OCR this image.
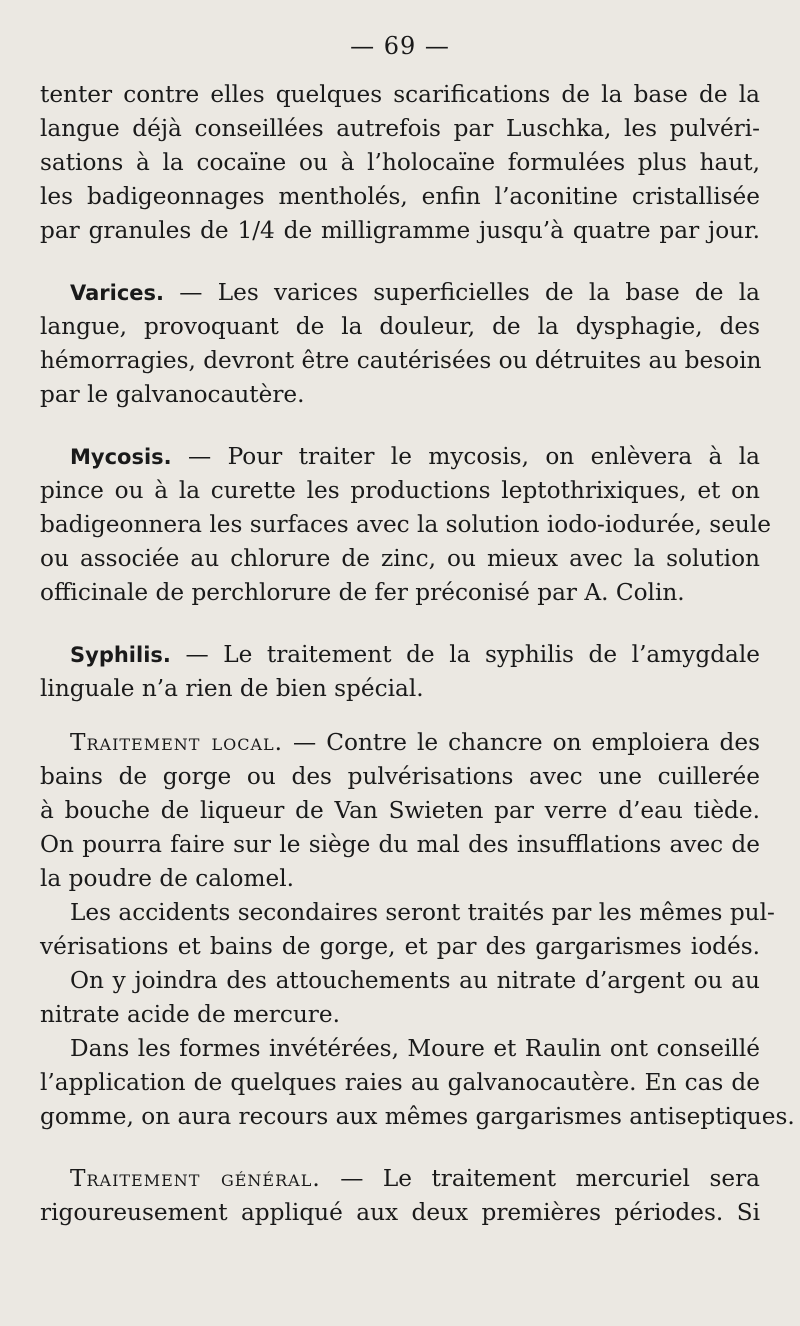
— 69 —
tenter contre elles quelques scarifications de la base de la
langue déjà conseillées autrefois par Luschka, les pulvéri-
sations à la cocaïne ou à l’holocaïne formulées plus haut,
les badigeonnages mentholés, enfin l’aconitine cristallisée
par granules de 1/4 de milligramme jusqu’à quatre par jour.
Varices. — Les varices superficielles de la base de la
langue, provoquant de la douleur, de la dysphagie, des
hémorragies, devront être cautérisées ou détruites au besoin
par le galvanocautère.
Mycosis. — Pour traiter le mycosis, on enlèvera à la
pince ou à la curette les productions leptothrixiques, et on
badigeonnera les surfaces avec la solution iodo-iodurée, seule
ou associée au chlorure de zinc, ou mieux avec la solution
officinale de perchlorure de fer préconisé par A. Colin.
Syphilis. — Le traitement de la syphilis de l’amygdale
linguale n’a rien de bien spécial.
Traitement local. — Contre le chancre on emploiera des
bains de gorge ou des pulvérisations avec une cuillerée
à bouche de liqueur de Van Swieten par verre d’eau tiède.
On pourra faire sur le siège du mal des insufflations avec de
la poudre de calomel.
Les accidents secondaires seront traités par les mêmes pul-
vérisations et bains de gorge, et par des gargarismes iodés.
On y joindra des attouchements au nitrate d’argent ou au
nitrate acide de mercure.
Dans les formes invétérées, Moure et Raulin ont conseillé
l’application de quelques raies au galvanocautère. En cas de
gomme, on aura recours aux mêmes gargarismes antiseptiques.
Traitement général. — Le traitement mercuriel sera
rigoureusement appliqué aux deux premières périodes. Si
